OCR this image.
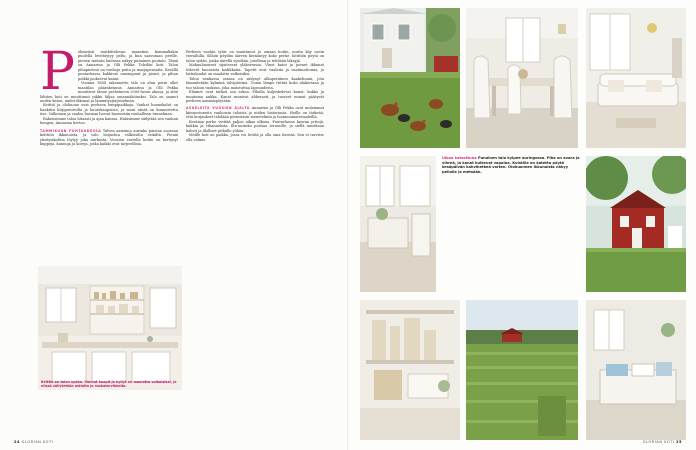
P ehmeästi mutkittelevan maantien kummallakin puolella levittäytyy pelto, ja kun saavutaan perille, pienen metsän laidassa näkyy punainen puutalo. Tämä on Annarina ja Olli Pekka Tolvilän koti. Talon pihapiirissä on vanhoja puita ja marjapensaita. Kesällä puutarhassa kukkivat omenapuut ja pionit, ja pihan poikki juoksevat kanat.

Vuonna 1884 rakennettu talo on alun perin ollut maatilan päärakennus. Annarina ja Olli Pekka muuttivat tänne perheineen 2000-luvun alussa, ja siitä lähtien koti on muuttunut pikku hiljaa omannäköiseksi. Talo on saanut uuden katon, uudet ikkunat ja lämmitysjärjestelmän.

Keittiö ja olohuone ovat perheen lempipaikkoja. Vanhat huonekalut on hankittu kirpputoreilta ja huutokaupoista, ja moni niistä on kunnostettu itse. Valkoinen ja vaalea harmaa luovat huoneisiin rauhallisen tunnelman.

Rakensimme taloa hitaasti ja ajan kanssa. Halusimme säilyttää sen vanhan hengen, Annarina kertoo.

TAMMIKUUN PUHTAUDESSA Talven aamuina aurinko paistaa suoraan keittiön ikkunoista, ja valo heijastuu valkoisilta seiniltä. Pieniä yksityiskohtia löytyy joka nurkasta. Vuosien varrella kotiin on kertynyt kuppeja, kannuja ja koreja, jotka kaikki ovat tarpeellisia.

Perheen vanhin tytär on muuttanut jo omaan kotiin, mutta käy usein vierailulla. Silloin pöydän ääreen kerääntyy koko perhe. Keittiön pöytä on talon sydän, jonka äärellä syödään, jutellaan ja tehdään läksyjä.

Makuuhuoneet sijaitsevat yläkerrassa. Vinot katot ja pienet ikkunat tekevät huoneista kodikkaita. Tapetit ovat vaaleita ja vaatimattomia, ja lattialaudat on maalattu valkoisiksi.

Talon vanhassa osassa on säilynyt alkuperäinen kaakeliuuni, jota lämmitetään kylminä talvipäivinä. Uunin lämpö riittää koko alakertaan ja tuo taloon tuoksun, joka muistuttaa lapsuudesta.

Eläimet ovat tärkeä osa arkea. Pihalla kuljeskelevat kanat, kukko ja muutama ankka. Kanat munivat ahkerasti, ja tuoreet munat päätyvät perheen aamiaispöytään.

ASKELEITA VUOSIEN AJALTA Annarina ja Olli Pekka ovat molemmat kiinnostuneita vanhoista taloista ja niiden historiasta. Heille on tärkeää, että korjaukset tehdään perinteisin menetelmin ja luonnonmateriaaleilla.

Kesäisin perhe viettää paljon aikaa ulkona. Puutarhassa kasvaa yrttejä, kukkia ja vihanneksia. Ilta-aurinko paistaa terassille, ja siellä nautitaan kahvit ja illalliset pitkälle yöhön.

Meille koti on paikka, jossa voi levätä ja olla oma itsensä. Sen ei tarvitse olla valmis.

Keittiö on talon sydän. Vanhat kaapit ja hyllyt on maalattu valkoisiksi, ja niissä säilytetään astioita ja ruokatarvikkeita.
24 GLORIAN KOTI
Ulkoa katsottuna Punainen talo kylpee auringossa. Piha on avara ja vihreä, ja kanat kulkevat vapaina. Kuistille on katettu pöytä kesäpäivän kahvihetkeä varten. Olohuoneen ikkunoista näkyy pellolle ja metsään.
GLORIAN KOTI 25
